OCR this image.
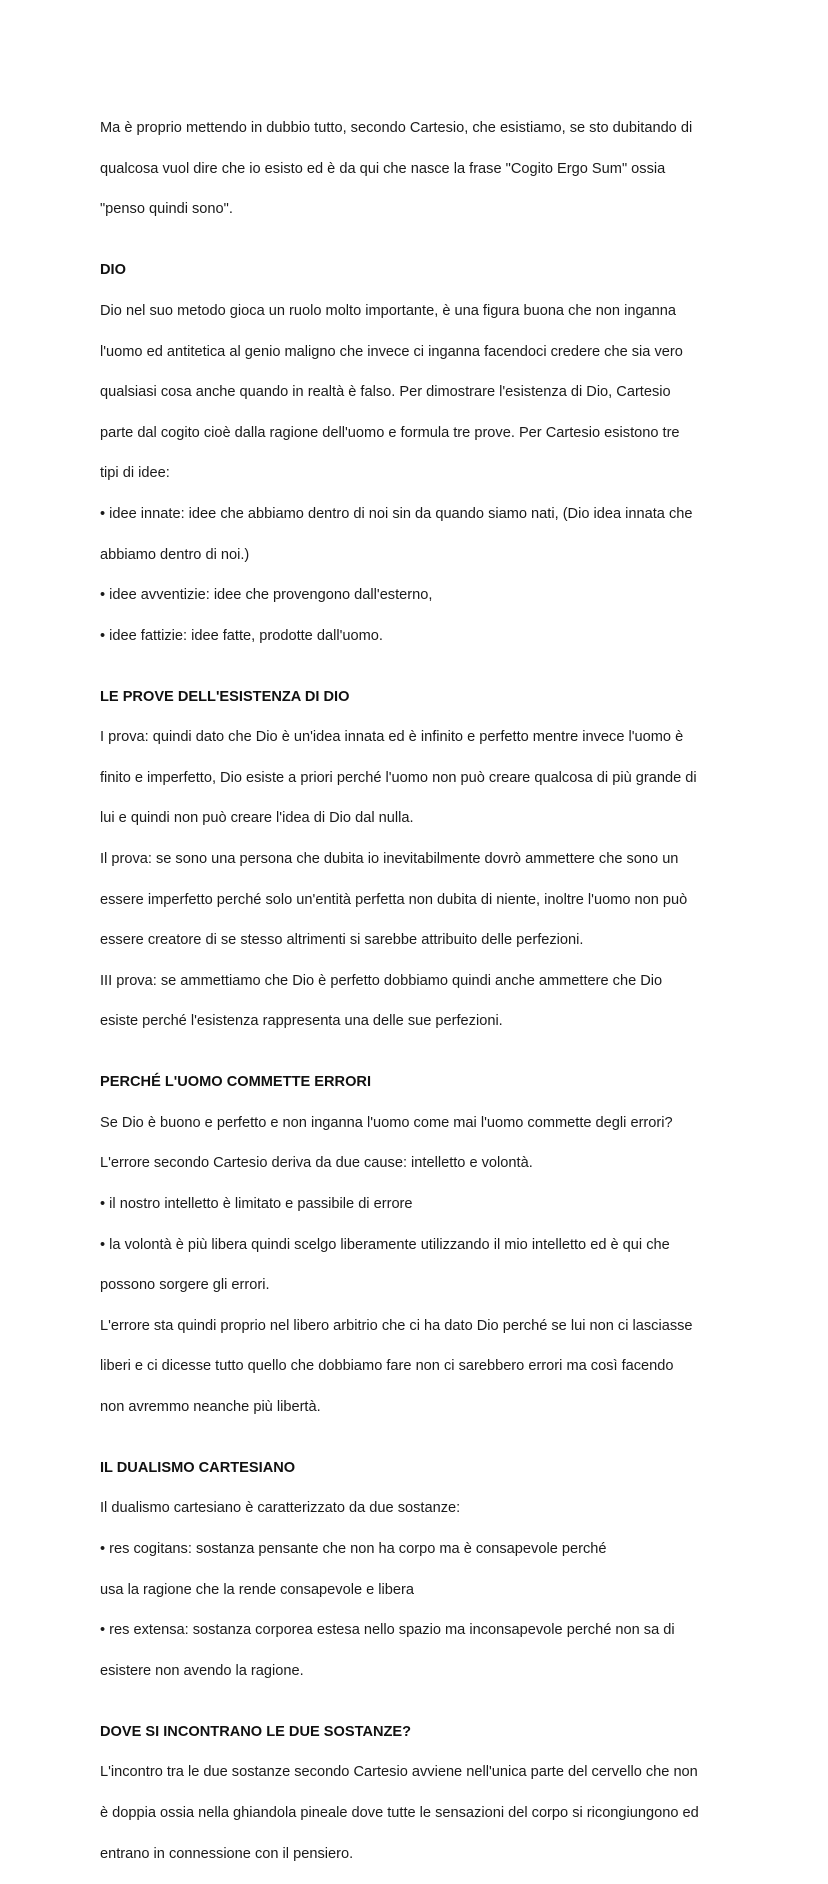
Ma è proprio mettendo in dubbio tutto, secondo Cartesio, che esistiamo, se sto dubitando di

qualcosa vuol dire che io esisto ed è da qui che nasce la frase "Cogito Ergo Sum" ossia

"penso quindi sono".

DIO

Dio nel suo metodo gioca un ruolo molto importante, è una figura buona che non inganna

l'uomo ed antitetica al genio maligno che invece ci inganna facendoci credere che sia vero

qualsiasi cosa anche quando in realtà è falso. Per dimostrare l'esistenza di Dio, Cartesio

parte dal cogito cioè dalla ragione dell'uomo e formula tre prove. Per Cartesio esistono tre

tipi di idee:

• idee innate: idee che abbiamo dentro di noi sin da quando siamo nati, (Dio idea innata che

abbiamo dentro di noi.)

• idee avventizie: idee che provengono dall'esterno,

• idee fattizie: idee fatte, prodotte dall'uomo.

LE PROVE DELL'ESISTENZA DI DIO

I prova: quindi dato che Dio è un'idea innata ed è infinito e perfetto mentre invece l'uomo è

finito e imperfetto, Dio esiste a priori perché l'uomo non può creare qualcosa di più grande di

lui e quindi non può creare l'idea di Dio dal nulla.

Il prova: se sono una persona che dubita io inevitabilmente dovrò ammettere che sono un

essere imperfetto perché solo un'entità perfetta non dubita di niente, inoltre l'uomo non può

essere creatore di se stesso altrimenti si sarebbe attribuito delle perfezioni.

III prova: se ammettiamo che Dio è perfetto dobbiamo quindi anche ammettere che Dio

esiste perché l'esistenza rappresenta una delle sue perfezioni.

PERCHÉ L'UOMO COMMETTE ERRORI

Se Dio è buono e perfetto e non inganna l'uomo come mai l'uomo commette degli errori?

L'errore secondo Cartesio deriva da due cause: intelletto e volontà.

• il nostro intelletto è limitato e passibile di errore

• la volontà è più libera quindi scelgo liberamente utilizzando il mio intelletto ed è qui che

possono sorgere gli errori.

L'errore sta quindi proprio nel libero arbitrio che ci ha dato Dio perché se lui non ci lasciasse

liberi e ci dicesse tutto quello che dobbiamo fare non ci sarebbero errori ma così facendo

non avremmo neanche più libertà.

IL DUALISMO CARTESIANO

Il dualismo cartesiano è caratterizzato da due sostanze:

• res cogitans: sostanza pensante che non ha corpo ma è consapevole perché

usa la ragione che la rende consapevole e libera

• res extensa: sostanza corporea estesa nello spazio ma inconsapevole perché non sa di

esistere non avendo la ragione.

DOVE SI INCONTRANO LE DUE SOSTANZE?

L'incontro tra le due sostanze secondo Cartesio avviene nell'unica parte del cervello che non

è doppia ossia nella ghiandola pineale dove tutte le sensazioni del corpo si ricongiungono ed

entrano in connessione con il pensiero.
